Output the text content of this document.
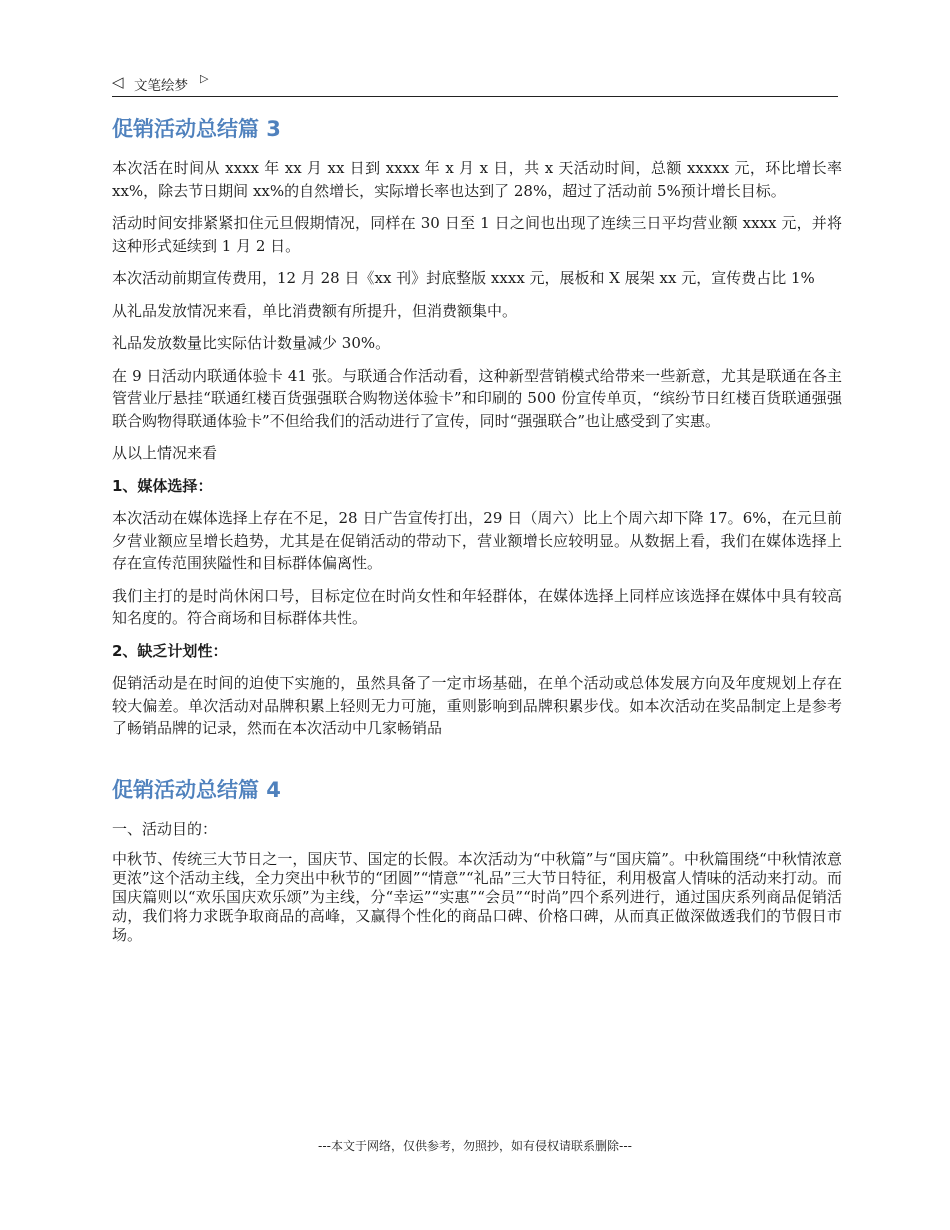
◁ 文笔绘梦 ▷
促销活动总结篇 3

本次活在时间从 xxxx 年 xx 月 xx 日到 xxxx 年 x 月 x 日，共 x 天活动时间，总额 xxxxx 元，环比增长率 xx%，除去节日期间 xx%的自然增长，实际增长率也达到了 28%，超过了活动前 5%预计增长目标。

活动时间安排紧紧扣住元旦假期情况，同样在 30 日至 1 日之间也出现了连续三日平均营业额 xxxx 元，并将这种形式延续到 1 月 2 日。

本次活动前期宣传费用，12 月 28 日《xx 刊》封底整版 xxxx 元，展板和 X 展架 xx 元，宣传费占比 1%

从礼品发放情况来看，单比消费额有所提升，但消费额集中。

礼品发放数量比实际估计数量减少 30%。

在 9 日活动内联通体验卡 41 张。与联通合作活动看，这种新型营销模式给带来一些新意，尤其是联通在各主管营业厅悬挂“联通红楼百货强强联合购物送体验卡”和印刷的 500 份宣传单页，“缤纷节日红楼百货联通强强联合购物得联通体验卡”不但给我们的活动进行了宣传，同时“强强联合”也让感受到了实惠。

从以上情况来看

1、媒体选择：

本次活动在媒体选择上存在不足，28 日广告宣传打出，29 日（周六）比上个周六却下降 17。6%，在元旦前夕营业额应呈增长趋势，尤其是在促销活动的带动下，营业额增长应较明显。从数据上看，我们在媒体选择上存在宣传范围狭隘性和目标群体偏离性。

我们主打的是时尚休闲口号，目标定位在时尚女性和年轻群体，在媒体选择上同样应该选择在媒体中具有较高知名度的。符合商场和目标群体共性。

2、缺乏计划性：

促销活动是在时间的迫使下实施的，虽然具备了一定市场基础，在单个活动或总体发展方向及年度规划上存在较大偏差。单次活动对品牌积累上轻则无力可施，重则影响到品牌积累步伐。如本次活动在奖品制定上是参考了畅销品牌的记录，然而在本次活动中几家畅销品

促销活动总结篇 4

一、活动目的：

中秋节、传统三大节日之一，国庆节、国定的长假。本次活动为“中秋篇”与“国庆篇”。中秋篇围绕“中秋情浓意更浓”这个活动主线，全力突出中秋节的“团圆”“情意”“礼品”三大节日特征，利用极富人情味的活动来打动。而国庆篇则以“欢乐国庆欢乐颂”为主线，分“幸运”“实惠”“会员”“时尚”四个系列进行，通过国庆系列商品促销活动，我们将力求既争取商品的高峰，又赢得个性化的商品口碑、价格口碑，从而真正做深做透我们的节假日市场。

---本文于网络，仅供参考，勿照抄，如有侵权请联系删除---
